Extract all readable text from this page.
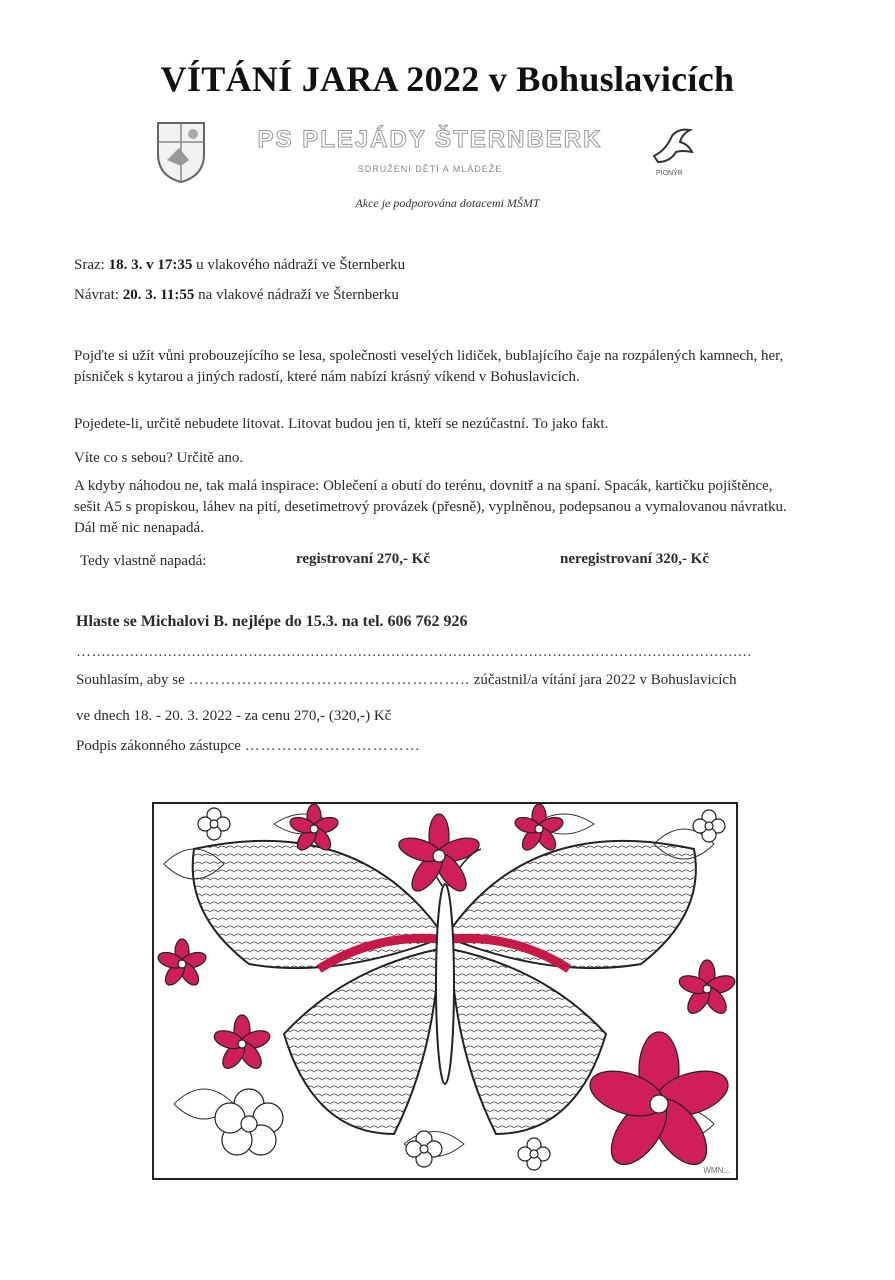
VÍTÁNÍ JARA 2022 v Bohuslavicích
PS PLEJÁDY ŠTERNBERK
SDRUŽENÍ DĚTÍ A MLÁDEŽE	PIONÝR
Akce je podporována dotacemi MŠMT
Sraz: 18. 3. v 17:35 u vlakového nádraží ve Šternberku
Návrat: 20. 3. 11:55 na vlakové nádraží ve Šternberku
Pojďte si užít vůni probouzejícího se lesa, společnosti veselých lidiček, bublajícího čaje na rozpálených kamnech, her, písniček s kytarou a jiných radostí, které nám nabízí krásný víkend v Bohuslavicích.
Pojedete-li, určitě nebudete litovat. Litovat budou jen ti, kteří se nezúčastní. To jako fakt.
Víte co s sebou? Určitě ano.
A kdyby náhodou ne, tak malá inspirace: Oblečení a obutí do terénu, dovnitř a na spaní. Spacák, kartičku pojištěnce, sešit A5 s propiskou, láhev na pití, desetimetrový provázek (přesně), vyplněnou, podepsanou a vymalovanou návratku. Dál mě nic nenapadá.
Tedy vlastně napadá:	registrovaní 270,- Kč	neregistrovaní 320,- Kč
Hlaste se Michalovi B. nejlépe do 15.3. na tel. 606 762 926
…...........................................................................................................................................
Souhlasím, aby se …………………………………………….. zúčastnil/a vítání jara 2022 v Bohuslavicích
ve dnech 18. - 20. 3. 2022 - za cenu 270,- (320,-) Kč
Podpis zákonného zástupce ……………………………
WMN...
